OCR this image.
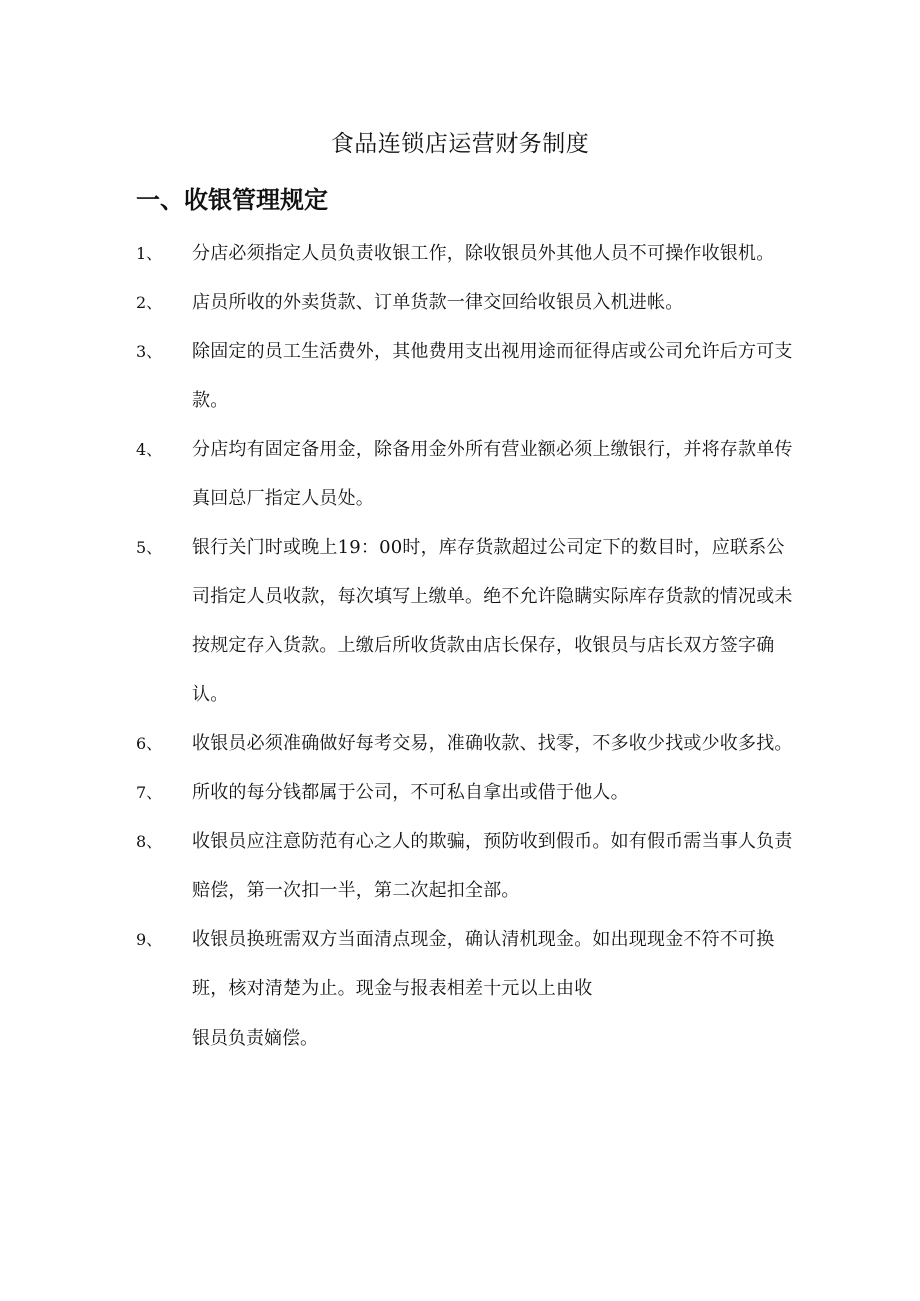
食品连锁店运营财务制度
一、收银管理规定
1、	分店必须指定人员负责收银工作，除收银员外其他人员不可操作收银机。
2、	店员所收的外卖货款、订单货款一律交回给收银员入机进帐。
3、	除固定的员工生活费外，其他费用支出视用途而征得店或公司允许后方可支款。
4、	分店均有固定备用金，除备用金外所有营业额必须上缴银行，并将存款单传真回总厂指定人员处。
5、	银行关门时或晚上19：00时，库存货款超过公司定下的数目时，应联系公司指定人员收款，每次填写上缴单。绝不允许隐瞒实际库存货款的情况或未按规定存入货款。上缴后所收货款由店长保存，收银员与店长双方签字确认。
6、	收银员必须准确做好每考交易，准确收款、找零，不多收少找或少收多找。
7、	所收的每分钱都属于公司，不可私自拿出或借于他人。
8、	收银员应注意防范有心之人的欺骗，预防收到假币。如有假币需当事人负责赔偿，第一次扣一半，第二次起扣全部。
9、	收银员换班需双方当面清点现金，确认清机现金。如出现现金不符不可换班，核对清楚为止。现金与报表相差十元以上由收
银员负责嫡偿。
